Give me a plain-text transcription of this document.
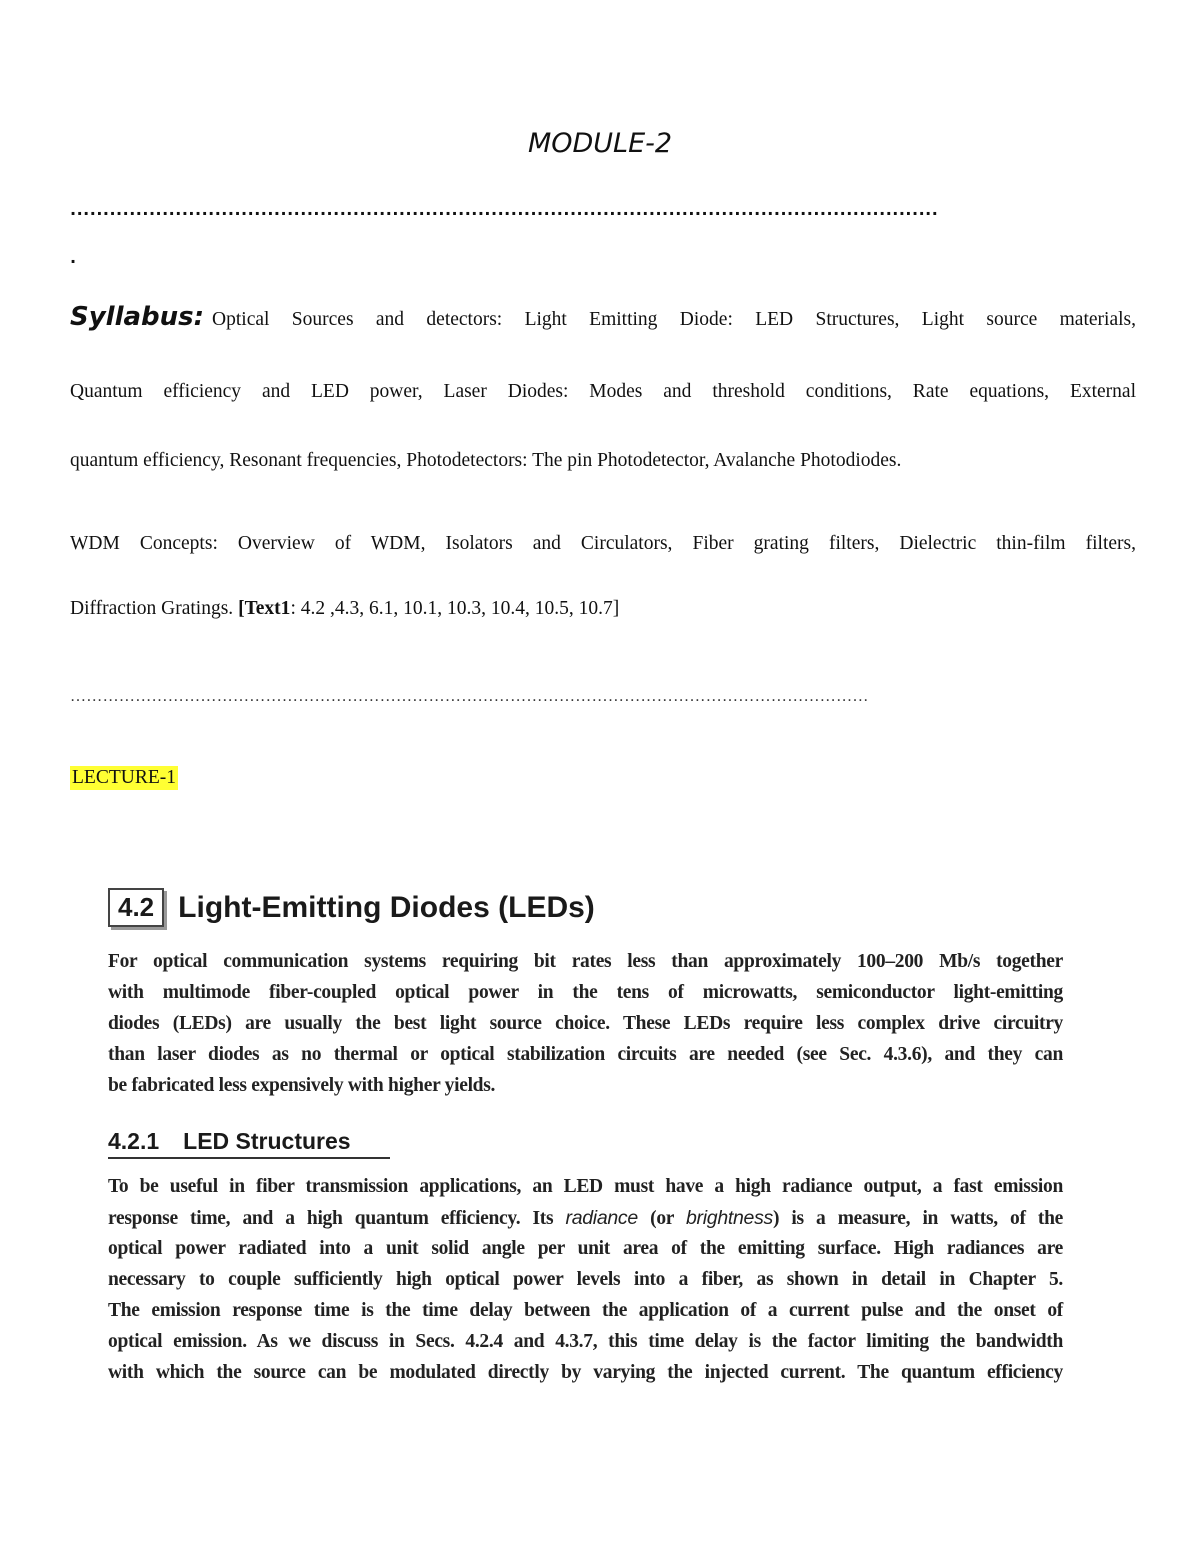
MODULE-2
....................................................................................................................................
.
Syllabus: Optical Sources and detectors: Light Emitting Diode: LED Structures, Light source materials,
Quantum efficiency and LED power, Laser Diodes: Modes and threshold conditions, Rate equations, External
quantum efficiency, Resonant frequencies, Photodetectors: The pin Photodetector, Avalanche Photodiodes.
WDM Concepts: Overview of WDM, Isolators and Circulators, Fiber grating filters, Dielectric thin-film filters,
Diffraction Gratings. [Text1: 4.2 ,4.3, 6.1, 10.1, 10.3, 10.4, 10.5, 10.7]
…………………………………………………………………………………………………………………………………
LECTURE-1
4.2 Light-Emitting Diodes (LEDs)
For optical communication systems requiring bit rates less than approximately 100–200 Mb/s together
with multimode fiber-coupled optical power in the tens of microwatts, semiconductor light-emitting
diodes (LEDs) are usually the best light source choice. These LEDs require less complex drive circuitry
than laser diodes as no thermal or optical stabilization circuits are needed (see Sec. 4.3.6), and they can
be fabricated less expensively with higher yields.
4.2.1 LED Structures
To be useful in fiber transmission applications, an LED must have a high radiance output, a fast emission
response time, and a high quantum efficiency. Its radiance (or brightness) is a measure, in watts, of the
optical power radiated into a unit solid angle per unit area of the emitting surface. High radiances are
necessary to couple sufficiently high optical power levels into a fiber, as shown in detail in Chapter 5.
The emission response time is the time delay between the application of a current pulse and the onset of
optical emission. As we discuss in Secs. 4.2.4 and 4.3.7, this time delay is the factor limiting the bandwidth
with which the source can be modulated directly by varying the injected current. The quantum efficiency
